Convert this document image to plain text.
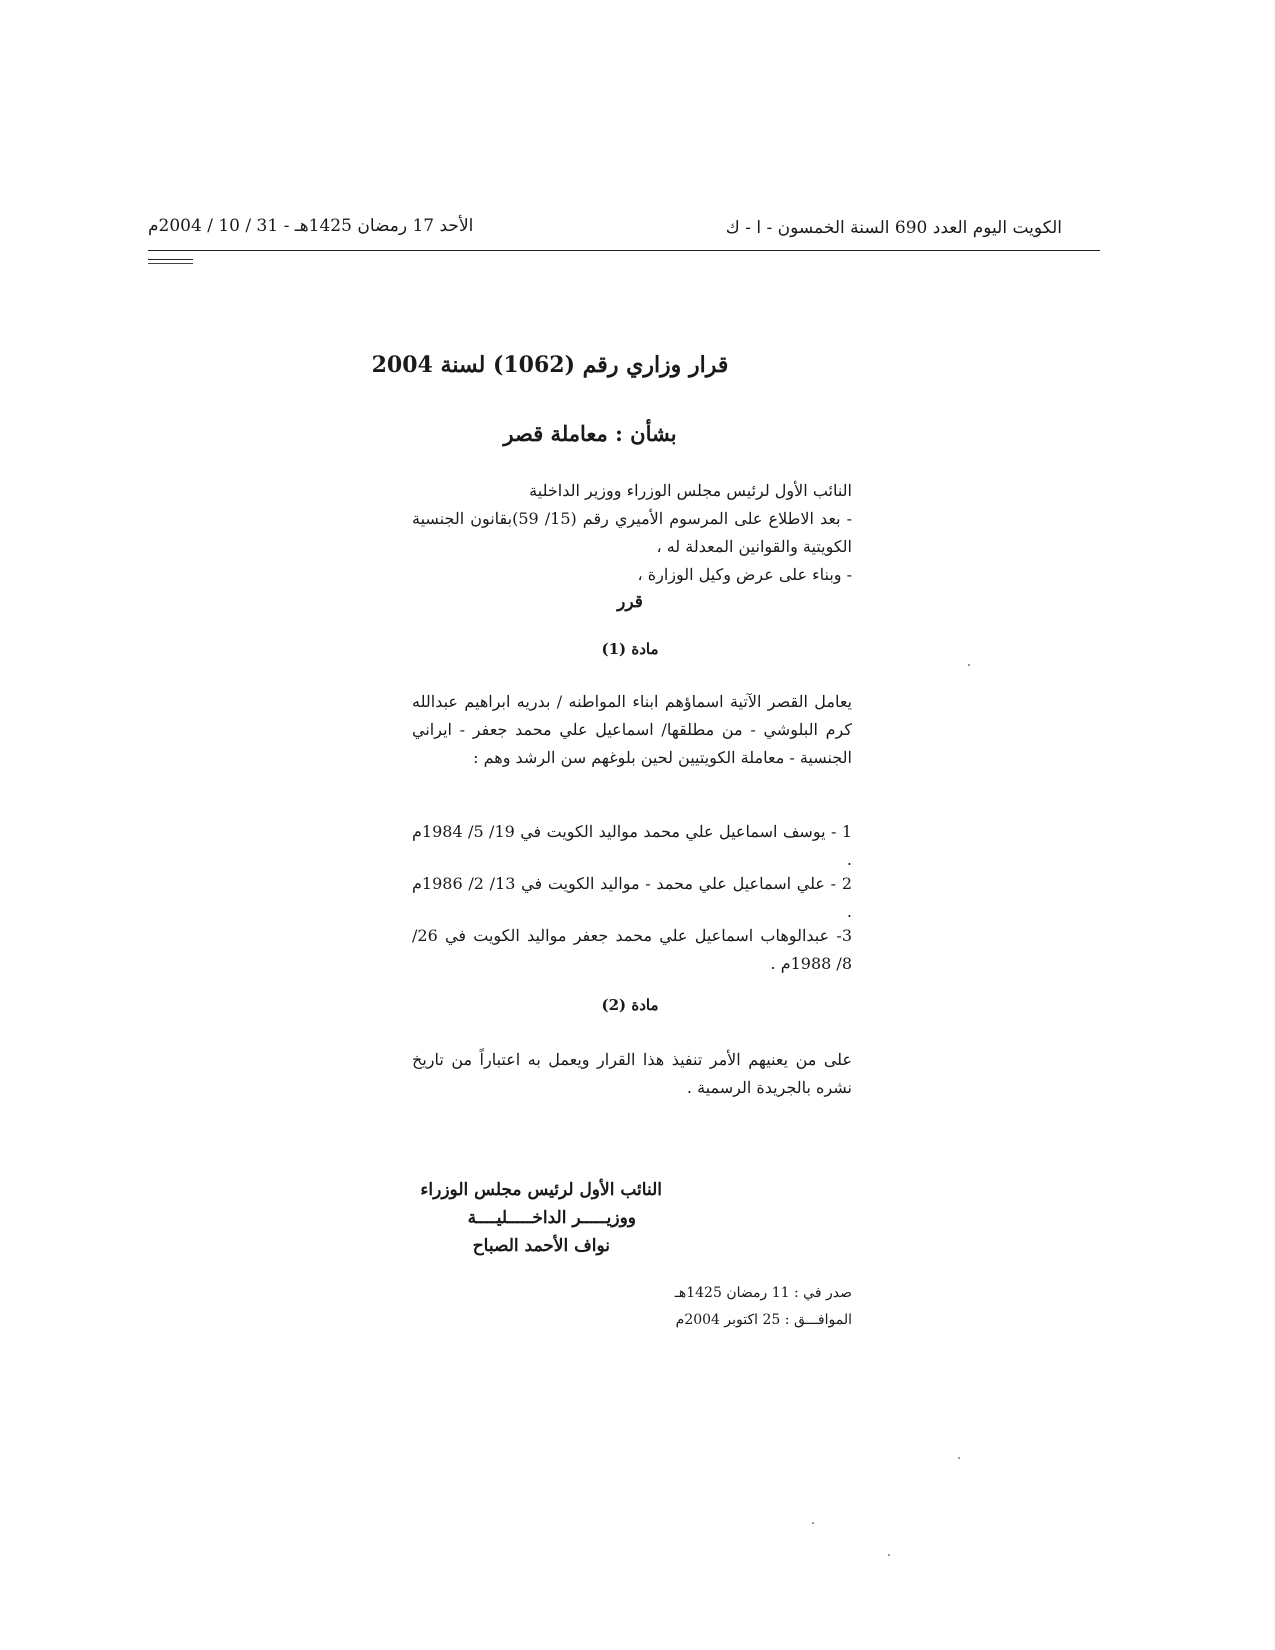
الكويت اليوم العدد 690 السنة الخمسون - ا - ك
الأحد 17 رمضان 1425هـ - 31 / 10 / 2004م
قرار وزاري رقم (1062) لسنة 2004
بشأن : معاملة قصر
النائب الأول لرئيس مجلس الوزراء ووزير الداخلية
- بعد الاطلاع على المرسوم الأميري رقم (15/ 59)بقانون الجنسية الكويتية والقوانين المعدلة له ،
- وبناء على عرض وكيل الوزارة ،
قرر
مادة (1)
يعامل القصر الآتية اسماؤهم ابناء المواطنه / بدريه ابراهيم عبدالله كرم البلوشي - من مطلقها/ اسماعيل علي محمد جعفر - ايراني الجنسية - معاملة الكويتيين لحين بلوغهم سن الرشد وهم :
1 - يوسف اسماعيل علي محمد مواليد الكويت في 19/ 5/ 1984م .
2 - علي اسماعيل علي محمد - مواليد الكويت في 13/ 2/ 1986م .
3- عبدالوهاب اسماعيل علي محمد جعفر مواليد الكويت في 26/ 8/ 1988م .
مادة (2)
على من يعنيهم الأمر تنفيذ هذا القرار ويعمل به اعتباراً من تاريخ نشره بالجريدة الرسمية .
النائب الأول لرئيس مجلس الوزراء
ووزيـــــر الداخـــــليــــة
نواف الأحمد الصباح
صدر في : 11 رمضان 1425هـ
الموافـــق : 25 اكتوبر 2004م
